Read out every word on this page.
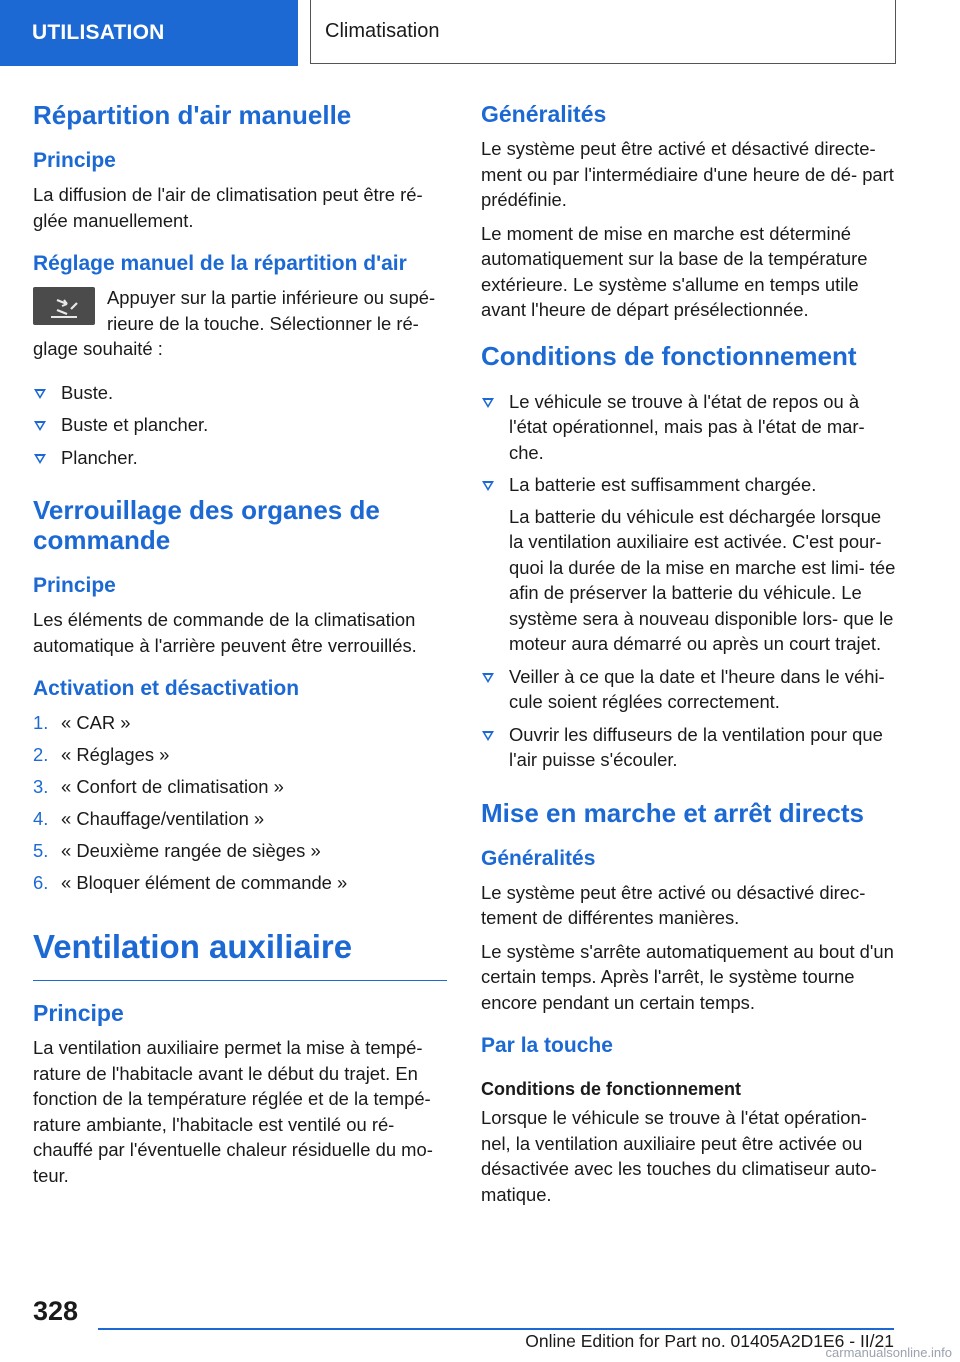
UTILISATION	Climatisation
Répartition d'air manuelle
Principe

La diffusion de l'air de climatisation peut être ré- glée manuellement.

Réglage manuel de la répartition d'air

Appuyer sur la partie inférieure ou supé- rieure de la touche. Sélectionner le ré- glage souhaité :

Buste.
Buste et plancher.
Plancher.
Verrouillage des organes de commande
Principe

Les éléments de commande de la climatisation automatique à l'arrière peuvent être verrouillés.

Activation et désactivation
1. « CAR »
2. « Réglages »
3. « Confort de climatisation »
4. « Chauffage/ventilation »
5. « Deuxième rangée de sièges »
6. « Bloquer élément de commande »
Ventilation auxiliaire
Principe

La ventilation auxiliaire permet la mise à tempé- rature de l'habitacle avant le début du trajet. En fonction de la température réglée et de la tempé- rature ambiante, l'habitacle est ventilé ou ré- chauffé par l'éventuelle chaleur résiduelle du mo- teur.

Généralités

Le système peut être activé et désactivé directe- ment ou par l'intermédiaire d'une heure de dé- part prédéfinie.

Le moment de mise en marche est déterminé automatiquement sur la base de la température extérieure. Le système s'allume en temps utile avant l'heure de départ présélectionnée.

Conditions de fonctionnement
Le véhicule se trouve à l'état de repos ou à l'état opérationnel, mais pas à l'état de mar- che.
La batterie est suffisamment chargée.
La batterie du véhicule est déchargée lorsque la ventilation auxiliaire est activée. C'est pour- quoi la durée de la mise en marche est limi- tée afin de préserver la batterie du véhicule. Le système sera à nouveau disponible lors- que le moteur aura démarré ou après un court trajet.
Veiller à ce que la date et l'heure dans le véhi- cule soient réglées correctement.
Ouvrir les diffuseurs de la ventilation pour que l'air puisse s'écouler.
Mise en marche et arrêt directs
Généralités

Le système peut être activé ou désactivé direc- tement de différentes manières.

Le système s'arrête automatiquement au bout d'un certain temps. Après l'arrêt, le système tourne encore pendant un certain temps.

Par la touche
Conditions de fonctionnement

Lorsque le véhicule se trouve à l'état opération- nel, la ventilation auxiliaire peut être activée ou désactivée avec les touches du climatiseur auto- matique.

328
Online Edition for Part no. 01405A2D1E6 - II/21
carmanualsonline.info
